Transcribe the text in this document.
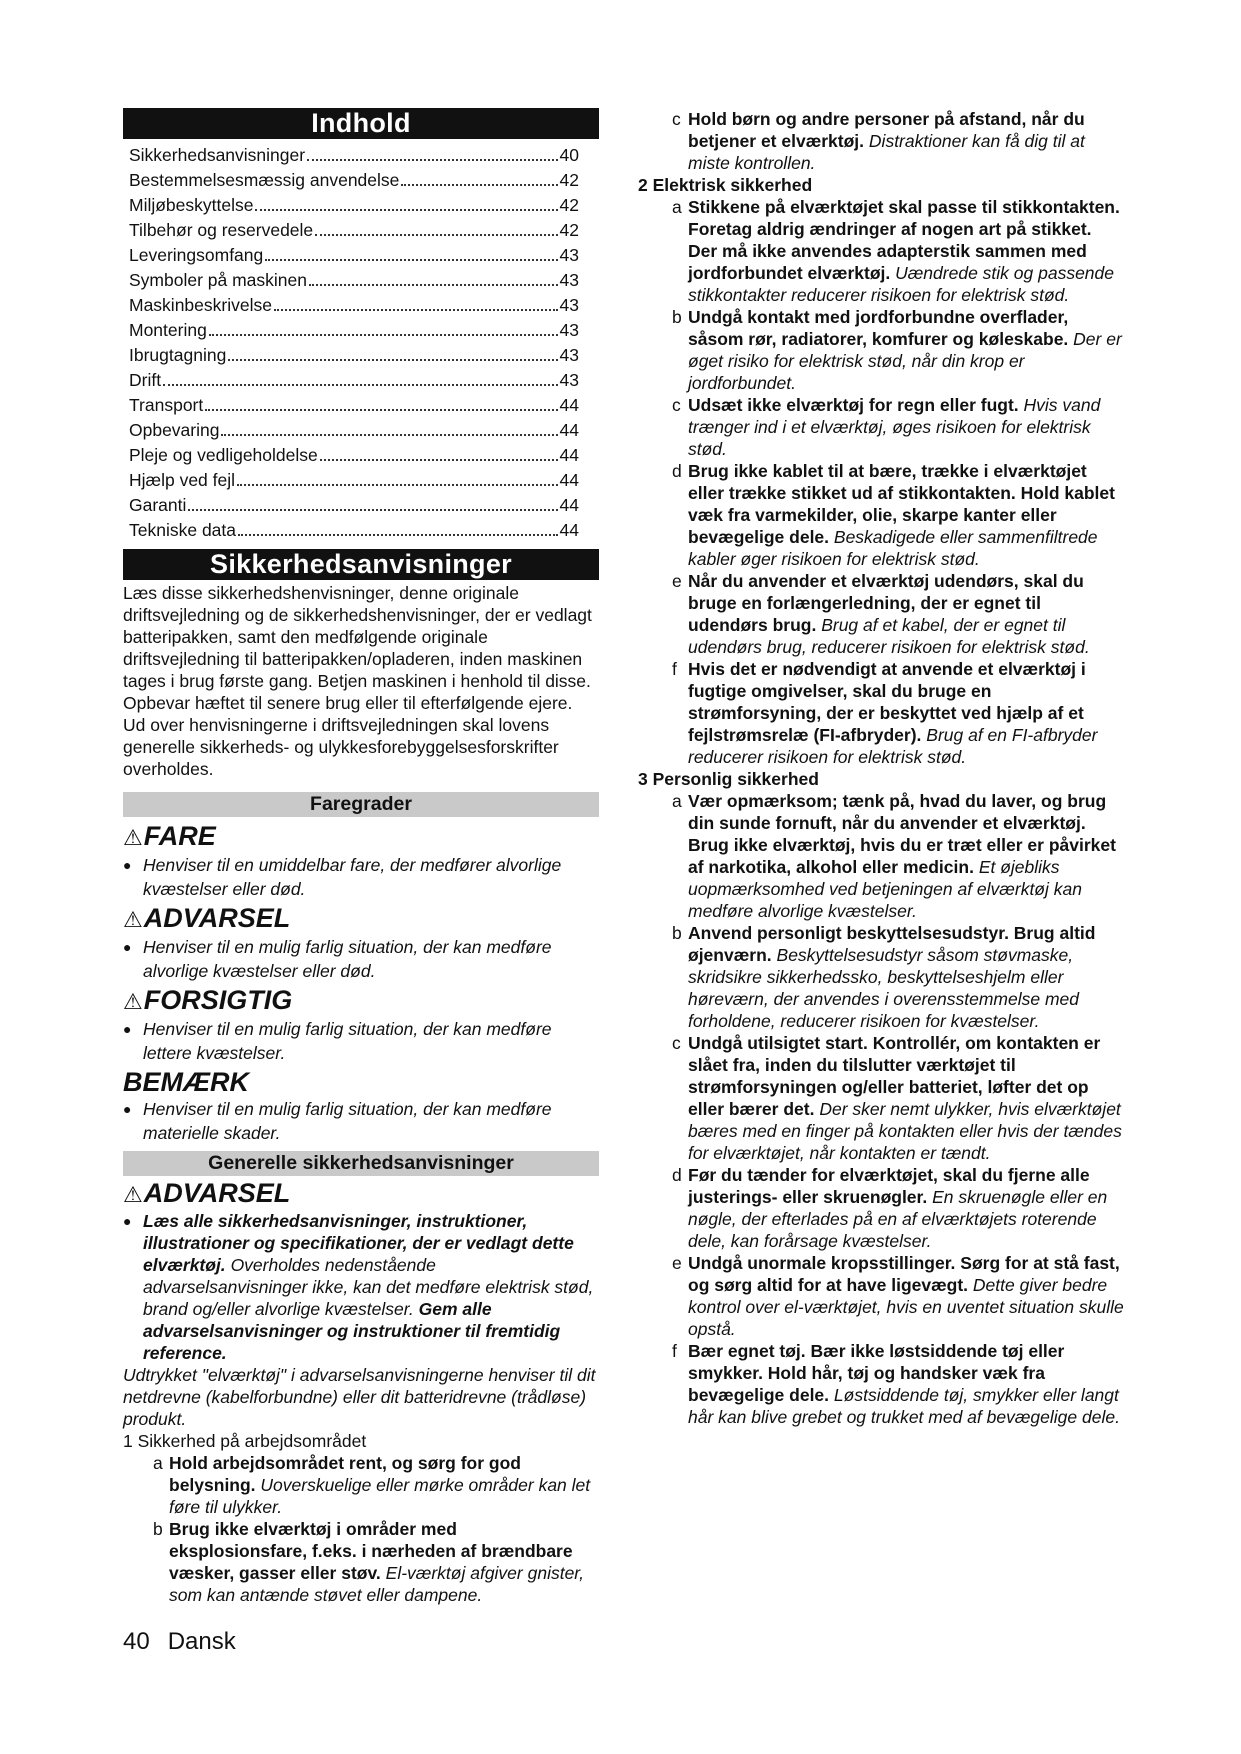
Indhold
Sikkerhedsanvisninger	40
Bestemmelsesmæssig anvendelse	42
Miljøbeskyttelse	42
Tilbehør og reservedele	42
Leveringsomfang	43
Symboler på maskinen	43
Maskinbeskrivelse	43
Montering	43
Ibrugtagning	43
Drift	43
Transport	44
Opbevaring	44
Pleje og vedligeholdelse	44
Hjælp ved fejl	44
Garanti	44
Tekniske data	44
Sikkerhedsanvisninger

Læs disse sikkerhedshenvisninger, denne originale driftsvejledning og de sikkerhedshenvisninger, der er vedlagt batteripakken, samt den medfølgende originale driftsvejledning til batteripakken/opladeren, inden maskinen tages i brug første gang. Betjen maskinen i henhold til disse. Opbevar hæftet til senere brug eller til efterfølgende ejere.

Ud over henvisningerne i driftsvejledningen skal lovens generelle sikkerheds- og ulykkesforebyggelsesforskrifter overholdes.

Faregrader

⚠FARE

● Henviser til en umiddelbar fare, der medfører alvorlige kvæstelser eller død.

⚠ADVARSEL

● Henviser til en mulig farlig situation, der kan medføre alvorlige kvæstelser eller død.

⚠FORSIGTIG

● Henviser til en mulig farlig situation, der kan medføre lettere kvæstelser.

BEMÆRK

● Henviser til en mulig farlig situation, der kan medføre materielle skader.
Generelle sikkerhedsanvisninger

⚠ADVARSEL

● Læs alle sikkerhedsanvisninger, instruktioner, illustrationer og specifikationer, der er vedlagt dette elværktøj. Overholdes nedenstående advarselsanvisninger ikke, kan det medføre elektrisk stød, brand og/eller alvorlige kvæstelser. Gem alle advarselsanvisninger og instruktioner til fremtidig reference.

Udtrykket "elværktøj" i advarselsanvisningerne henviser til dit netdrevne (kabelforbundne) eller dit batteridrevne (trådløse) produkt.

1 Sikkerhed på arbejdsområdet

a Hold arbejdsområdet rent, og sørg for god belysning. Uoverskuelige eller mørke områder kan let føre til ulykker.
b Brug ikke elværktøj i områder med eksplosionsfare, f.eks. i nærheden af brændbare væsker, gasser eller støv. El-værktøj afgiver gnister, som kan antænde støvet eller dampene.
c Hold børn og andre personer på afstand, når du betjener et elværktøj. Distraktioner kan få dig til at miste kontrollen.

2 Elektrisk sikkerhed

a Stikkene på elværktøjet skal passe til stikkontakten. Foretag aldrig ændringer af nogen art på stikket. Der må ikke anvendes adapterstik sammen med jordforbundet elværktøj. Uændrede stik og passende stikkontakter reducerer risikoen for elektrisk stød.
b Undgå kontakt med jordforbundne overflader, såsom rør, radiatorer, komfurer og køleskabe. Der er øget risiko for elektrisk stød, når din krop er jordforbundet.
c Udsæt ikke elværktøj for regn eller fugt. Hvis vand trænger ind i et elværktøj, øges risikoen for elektrisk stød.
d Brug ikke kablet til at bære, trække i elværktøjet eller trække stikket ud af stikkontakten. Hold kablet væk fra varmekilder, olie, skarpe kanter eller bevægelige dele. Beskadigede eller sammenfiltrede kabler øger risikoen for elektrisk stød.
e Når du anvender et elværktøj udendørs, skal du bruge en forlængerledning, der er egnet til udendørs brug. Brug af et kabel, der er egnet til udendørs brug, reducerer risikoen for elektrisk stød.
f Hvis det er nødvendigt at anvende et elværktøj i fugtige omgivelser, skal du bruge en strømforsyning, der er beskyttet ved hjælp af et fejlstrømsrelæ (FI-afbryder). Brug af en FI-afbryder reducerer risikoen for elektrisk stød.

3 Personlig sikkerhed

a Vær opmærksom; tænk på, hvad du laver, og brug din sunde fornuft, når du anvender et elværktøj. Brug ikke elværktøj, hvis du er træt eller er påvirket af narkotika, alkohol eller medicin. Et øjebliks uopmærksomhed ved betjeningen af elværktøj kan medføre alvorlige kvæstelser.
b Anvend personligt beskyttelsesudstyr. Brug altid øjenværn. Beskyttelsesudstyr såsom støvmaske, skridsikre sikkerhedssko, beskyttelseshjelm eller høreværn, der anvendes i overensstemmelse med forholdene, reducerer risikoen for kvæstelser.
c Undgå utilsigtet start. Kontrollér, om kontakten er slået fra, inden du tilslutter værktøjet til strømforsyningen og/eller batteriet, løfter det op eller bærer det. Der sker nemt ulykker, hvis elværktøjet bæres med en finger på kontakten eller hvis der tændes for elværktøjet, når kontakten er tændt.
d Før du tænder for elværktøjet, skal du fjerne alle justerings- eller skruenøgler. En skruenøgle eller en nøgle, der efterlades på en af elværktøjets roterende dele, kan forårsage kvæstelser.
e Undgå unormale kropsstillinger. Sørg for at stå fast, og sørg altid for at have ligevægt. Dette giver bedre kontrol over el-værktøjet, hvis en uventet situation skulle opstå.
f Bær egnet tøj. Bær ikke løstsiddende tøj eller smykker. Hold hår, tøj og handsker væk fra bevægelige dele. Løstsiddende tøj, smykker eller langt hår kan blive grebet og trukket med af bevægelige dele.
40 Dansk
